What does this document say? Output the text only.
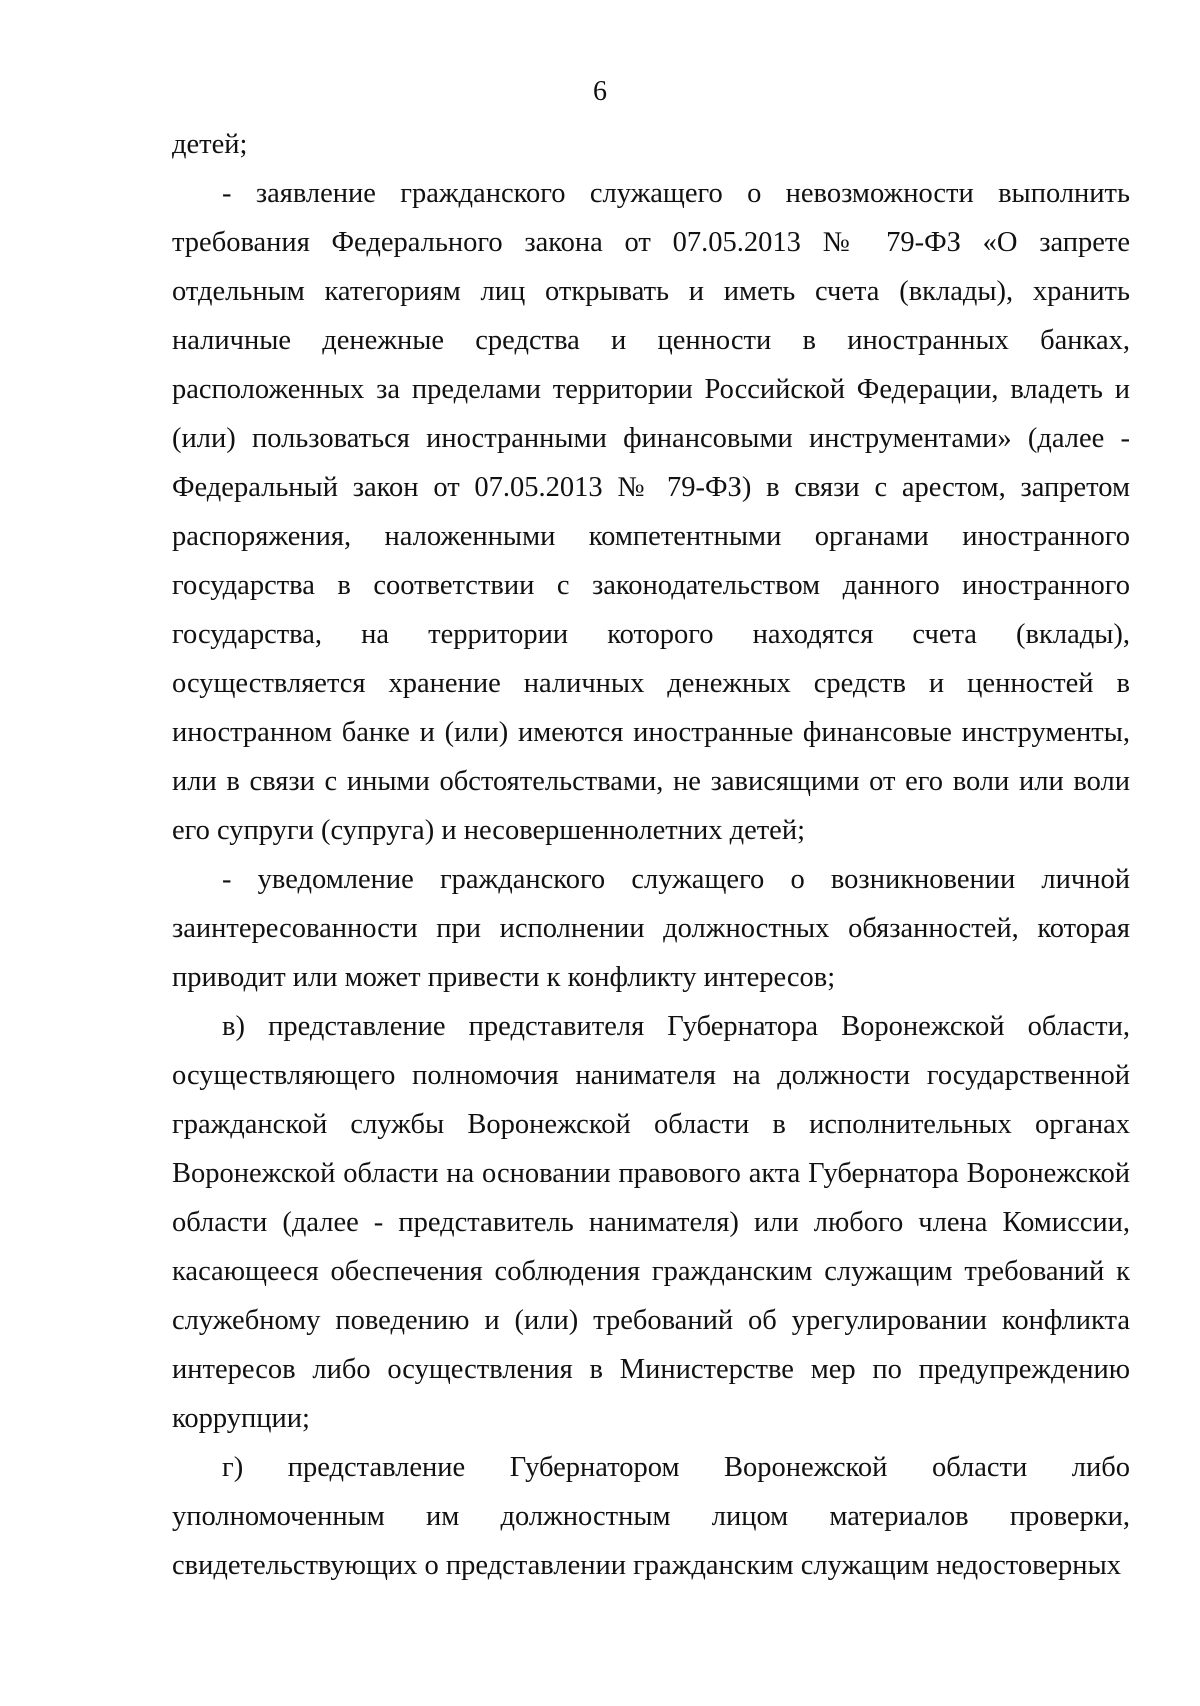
6

детей;

- заявление гражданского служащего о невозможности выполнить требования Федерального закона от 07.05.2013 № 79-ФЗ «О запрете отдельным категориям лиц открывать и иметь счета (вклады), хранить наличные денежные средства и ценности в иностранных банках, расположенных за пределами территории Российской Федерации, владеть и (или) пользоваться иностранными финансовыми инструментами» (далее - Федеральный закон от 07.05.2013 № 79-ФЗ) в связи с арестом, запретом распоряжения, наложенными компетентными органами иностранного государства в соответствии с законодательством данного иностранного государства, на территории которого находятся счета (вклады), осуществляется хранение наличных денежных средств и ценностей в иностранном банке и (или) имеются иностранные финансовые инструменты, или в связи с иными обстоятельствами, не зависящими от его воли или воли его супруги (супруга) и несовершеннолетних детей;

- уведомление гражданского служащего о возникновении личной заинтересованности при исполнении должностных обязанностей, которая приводит или может привести к конфликту интересов;

в) представление представителя Губернатора Воронежской области, осуществляющего полномочия нанимателя на должности государственной гражданской службы Воронежской области в исполнительных органах Воронежской области на основании правового акта Губернатора Воронежской области (далее - представитель нанимателя) или любого члена Комиссии, касающееся обеспечения соблюдения гражданским служащим требований к служебному поведению и (или) требований об урегулировании конфликта интересов либо осуществления в Министерстве мер по предупреждению коррупции;

г) представление Губернатором Воронежской области либо уполномоченным им должностным лицом материалов проверки, свидетельствующих о представлении гражданским служащим недостоверных
